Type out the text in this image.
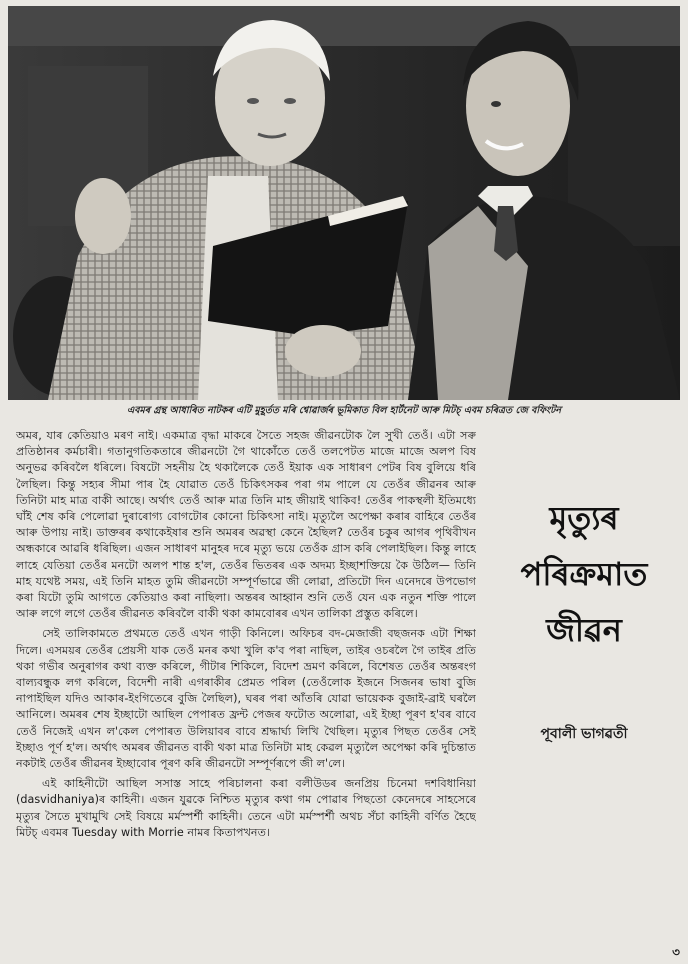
এবমৰ গ্ৰন্থ আধাৰিত নাটকৰ এটি মুহূৰ্তত মৰি শ্বোৱাৰ্জৰ ভূমিকাত বিল হাৰ্টনেট আৰু মিটচ্ এবম চৰিত্ৰত জে বফিংটন

অমৰ, যাৰ কেতিয়াও মৰণ নাই। একমাত্ৰ বৃদ্ধা মাকৰে সৈতে সহজ জীৱনটোক লৈ সুখী তেওঁ। এটা সৰু প্ৰতিষ্ঠানৰ কৰ্মচাৰী। গতানুগতিকতাৰে জীৱনটো গৈ থাকোঁতে তেওঁ তলপেটত মাজে মাজে অলপ বিষ অনুভৱ কৰিবলৈ ধৰিলে। বিষটো সহনীয় হৈ থকালৈকে তেওঁ ইয়াক এক সাধাৰণ পেটৰ বিষ বুলিয়ে ধৰি লৈছিল। কিন্তু সহ্যৰ সীমা পাৰ হৈ যোৱাত তেওঁ চিকিৎসকৰ পৰা গম পালে যে তেওঁৰ জীৱনৰ আৰু তিনিটা মাহ মাত্ৰ বাকী আছে। অৰ্থাৎ তেওঁ আৰু মাত্ৰ তিনি মাহ জীয়াই থাকিব! তেওঁৰ পাকস্থলী ইতিমধ্যে ঘাঁই শেষ কৰি পেলোৱা দুৰাৰোগ্য বোগটোৰ কোনো চিকিৎসা নাই। মৃত্যুলৈ অপেক্ষা কৰাৰ বাহিৰে তেওঁৰ আৰু উপায় নাই। ডাক্তৰৰ কথাকেইষাৰ শুনি অমৰৰ অৱস্থা কেনে হৈছিল? তেওঁৰ চকুৰ আগৰ পৃথিবীখন অন্ধকাৰে আৱৰি ধৰিছিল। এজন সাধাৰণ মানুহৰ দৰে মৃত্যু ভয়ে তেওঁক গ্ৰাস কৰি পেলাইছিল। কিন্তু লাহে লাহে যেতিয়া তেওঁৰ মনটো অলপ শান্ত হ'ল, তেওঁৰ ভিতৰৰ এক অদম্য ইচ্ছাশক্তিয়ে কৈ উঠিল— তিনি মাহ যথেষ্ট সময়, এই তিনি মাহত তুমি জীৱনটো সম্পূৰ্ণভাৱে জী লোৱা, প্ৰতিটো দিন এনেদৰে উপভোগ কৰা যিটো তুমি আগতে কেতিয়াও কৰা নাছিলা। অন্তৰৰ আহ্বান শুনি তেওঁ যেন এক নতুন শক্তি পালে আৰু লগে লগে তেওঁৰ জীৱনত কৰিবলৈ বাকী থকা কামবোৰৰ এখন তালিকা প্ৰস্তুত কৰিলে।

সেই তালিকামতে প্ৰথমতে তেওঁ এখন গাড়ী কিনিলে। অফিচৰ বদ-মেজাজী বছজনক এটা শিক্ষা দিলে। এসময়ৰ তেওঁৰ প্ৰেয়সী যাক তেওঁ মনৰ কথা খুলি ক'ব পৰা নাছিল, তাইৰ ওচৰলৈ গৈ তাইৰ প্ৰতি থকা গভীৰ অনুৰাগৰ কথা ব্যক্ত কৰিলে, গীটাৰ শিকিলে, বিদেশ ভ্ৰমণ কৰিলে, বিশেষত তেওঁৰ অন্তৰংগ বাল্যবন্ধুক লগ কৰিলে, বিদেশী নাৰী এগৰাকীৰ প্ৰেমত পৰিল (তেওঁলোক ইজনে সিজনৰ ভাষা বুজি নাপাইছিল যদিও আকাৰ-ইংগিতেৰে বুজি লৈছিল), ঘৰৰ পৰা আঁতৰি যোৱা ভায়েকক বুজাই-ব্ৰাই ঘৰলৈ আনিলে। অমৰৰ শেষ ইচ্ছাটো আছিল পেপাৰত ফ্ৰন্ট পেজৰ ফটোত অলোৱা, এই ইচ্ছা পূৰণ হ'বৰ বাবে তেওঁ নিজেই এখন ল'কেল পেপাৰত উলিয়াবৰ বাবে শ্ৰদ্ধাৰ্ঘ্য লিখি থৈছিল। মৃত্যুৰ পিছত তেওঁৰ সেই ইচ্ছাও পূৰ্ণ হ'ল। অৰ্থাৎ অমৰৰ জীৱনত বাকী থকা মাত্ৰ তিনিটা মাহ কেৱল মৃত্যুলৈ অপেক্ষা কৰি দুচিন্তাত নকটাই তেওঁৰ জীৱনৰ ইচ্ছাবোৰ পূৰণ কৰি জীৱনটো সম্পূৰ্ণৰূপে জী ল'লে।

এই কাহিনীটো আছিল সসাস্ত সাহে পৰিচালনা কৰা বলীউডৰ জনপ্ৰিয় চিনেমা দশবিধানিয়া (dasvidhaniya)ৰ কাহিনী। এজন যুৱকে নিশ্চিত মৃত্যুৰ কথা গম পোৱাৰ পিছতো কেনেদৰে সাহসেৰে মৃত্যুৰ সৈতে মুখামুখি সেই বিষয়ে মৰ্মস্পৰ্শী কাহিনী। তেনে এটা মৰ্মস্পৰ্শী অথচ সঁচা কাহিনী বৰ্ণিত হৈছে মিটচ্ এবমৰ Tuesday with Morrie নামৰ কিতাপখনত।

মৃত্যুৰ

পৰিক্ৰমাত

জীৱন

পূবালী ভাগৱতী
৩
